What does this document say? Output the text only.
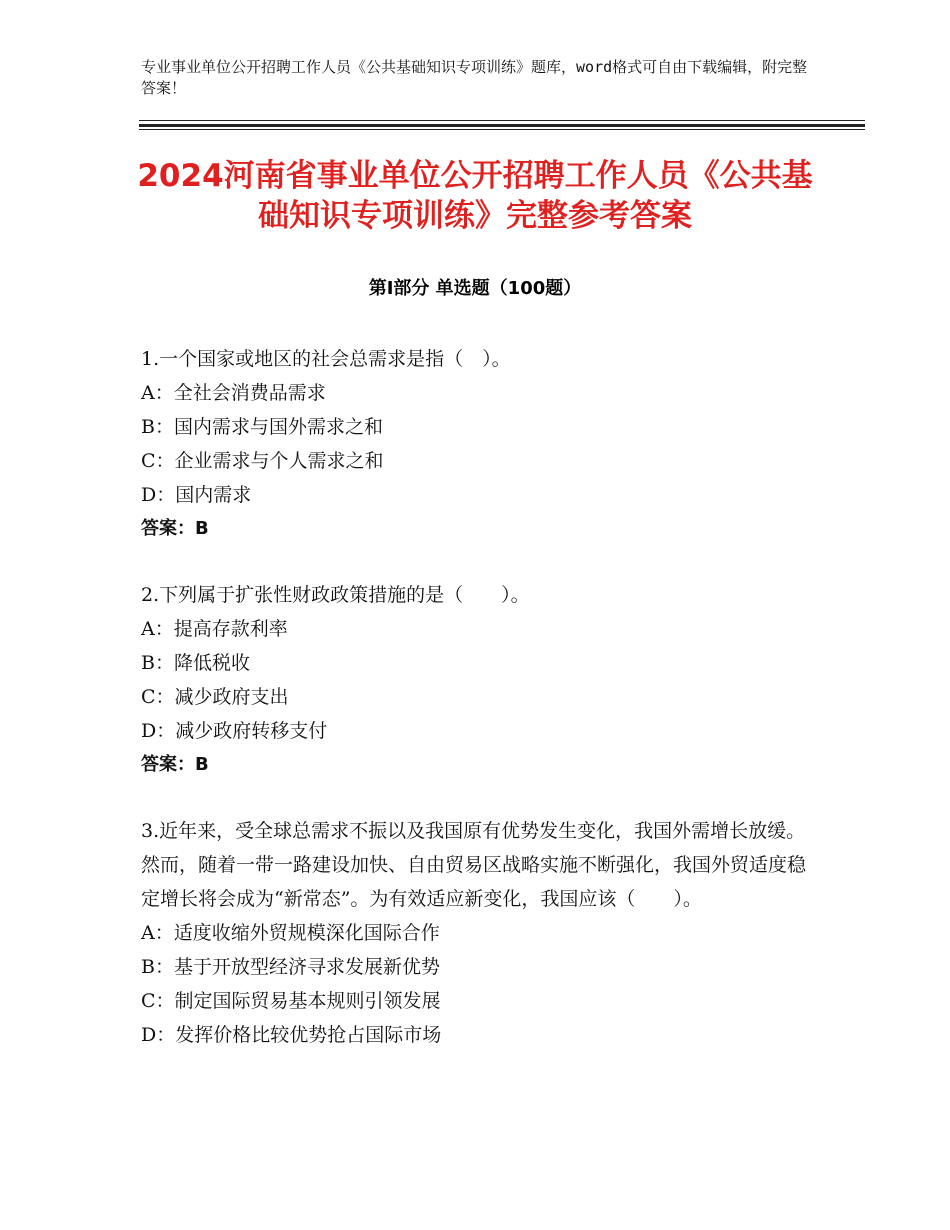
专业事业单位公开招聘工作人员《公共基础知识专项训练》题库，word格式可自由下载编辑，附完整答案！
2024河南省事业单位公开招聘工作人员《公共基础知识专项训练》完整参考答案
第Ⅰ部分 单选题（100题）

1.一个国家或地区的社会总需求是指（　）。

A：全社会消费品需求

B：国内需求与国外需求之和

C：企业需求与个人需求之和

D：国内需求

答案：B

2.下列属于扩张性财政政策措施的是（　　）。

A：提高存款利率

B：降低税收

C：减少政府支出

D：减少政府转移支付

答案：B

3.近年来，受全球总需求不振以及我国原有优势发生变化，我国外需增长放缓。然而，随着一带一路建设加快、自由贸易区战略实施不断强化，我国外贸适度稳定增长将会成为“新常态”。为有效适应新变化，我国应该（　　）。

A：适度收缩外贸规模深化国际合作

B：基于开放型经济寻求发展新优势

C：制定国际贸易基本规则引领发展

D：发挥价格比较优势抢占国际市场
